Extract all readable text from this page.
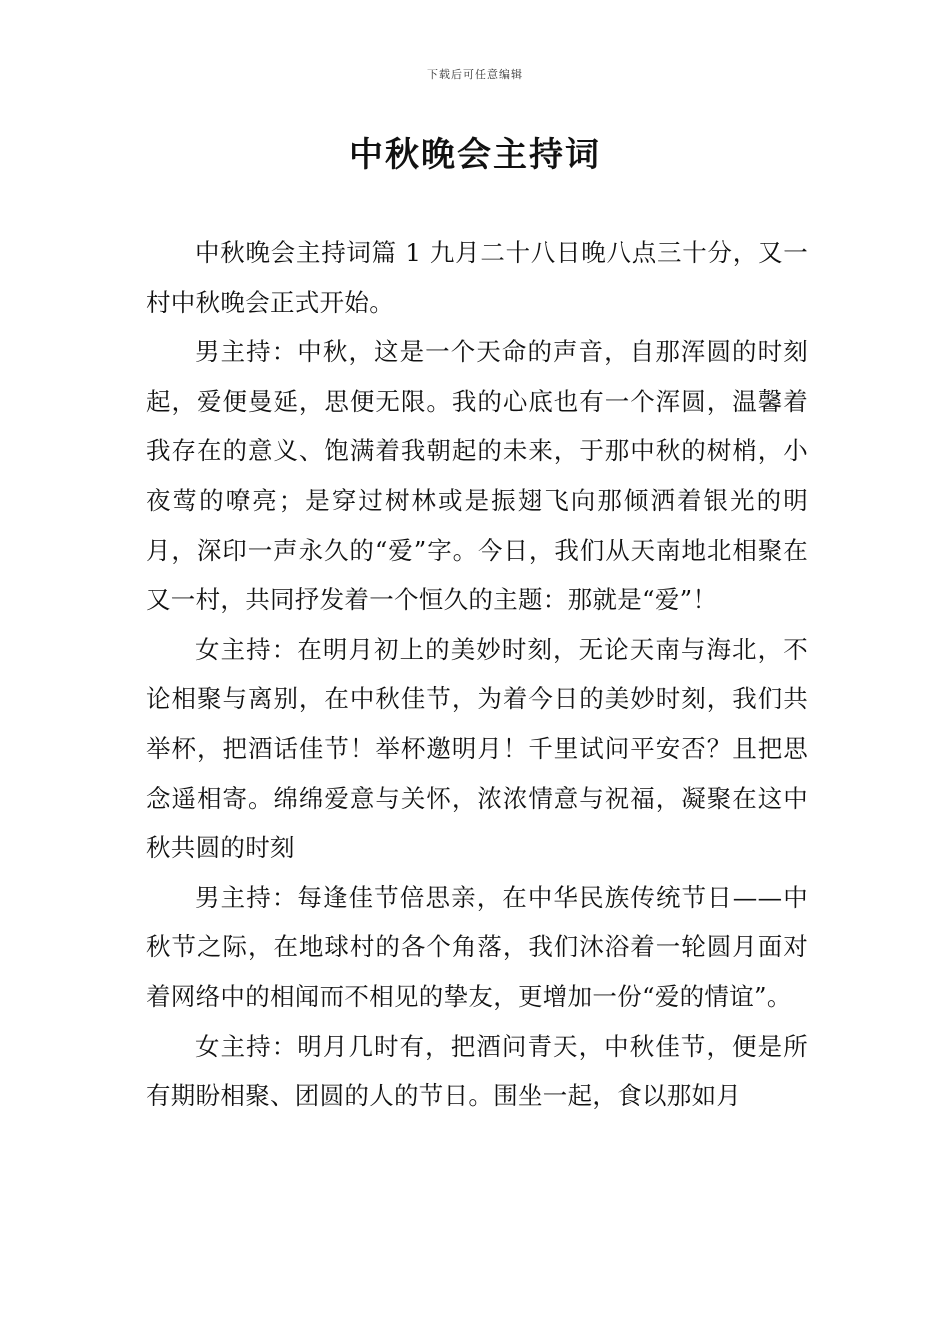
下载后可任意编辑
中秋晚会主持词

中秋晚会主持词篇 1 九月二十八日晚八点三十分，又一村中秋晚会正式开始。

男主持：中秋，这是一个天命的声音，自那浑圆的时刻起，爱便曼延，思便无限。我的心底也有一个浑圆，温馨着我存在的意义、饱满着我朝起的未来，于那中秋的树梢，小夜莺的嘹亮；是穿过树林或是振翅飞向那倾洒着银光的明月，深印一声永久的“爱”字。今日，我们从天南地北相聚在又一村，共同抒发着一个恒久的主题：那就是“爱”！

女主持：在明月初上的美妙时刻，无论天南与海北，不论相聚与离别，在中秋佳节，为着今日的美妙时刻，我们共举杯，把酒话佳节！举杯邀明月！千里试问平安否？且把思念遥相寄。绵绵爱意与关怀，浓浓情意与祝福，凝聚在这中秋共圆的时刻

男主持：每逢佳节倍思亲，在中华民族传统节日——中秋节之际，在地球村的各个角落，我们沐浴着一轮圆月面对着网络中的相闻而不相见的挚友，更增加一份“爱的情谊”。

女主持：明月几时有，把酒问青天，中秋佳节，便是所有期盼相聚、团圆的人的节日。围坐一起，食以那如月
